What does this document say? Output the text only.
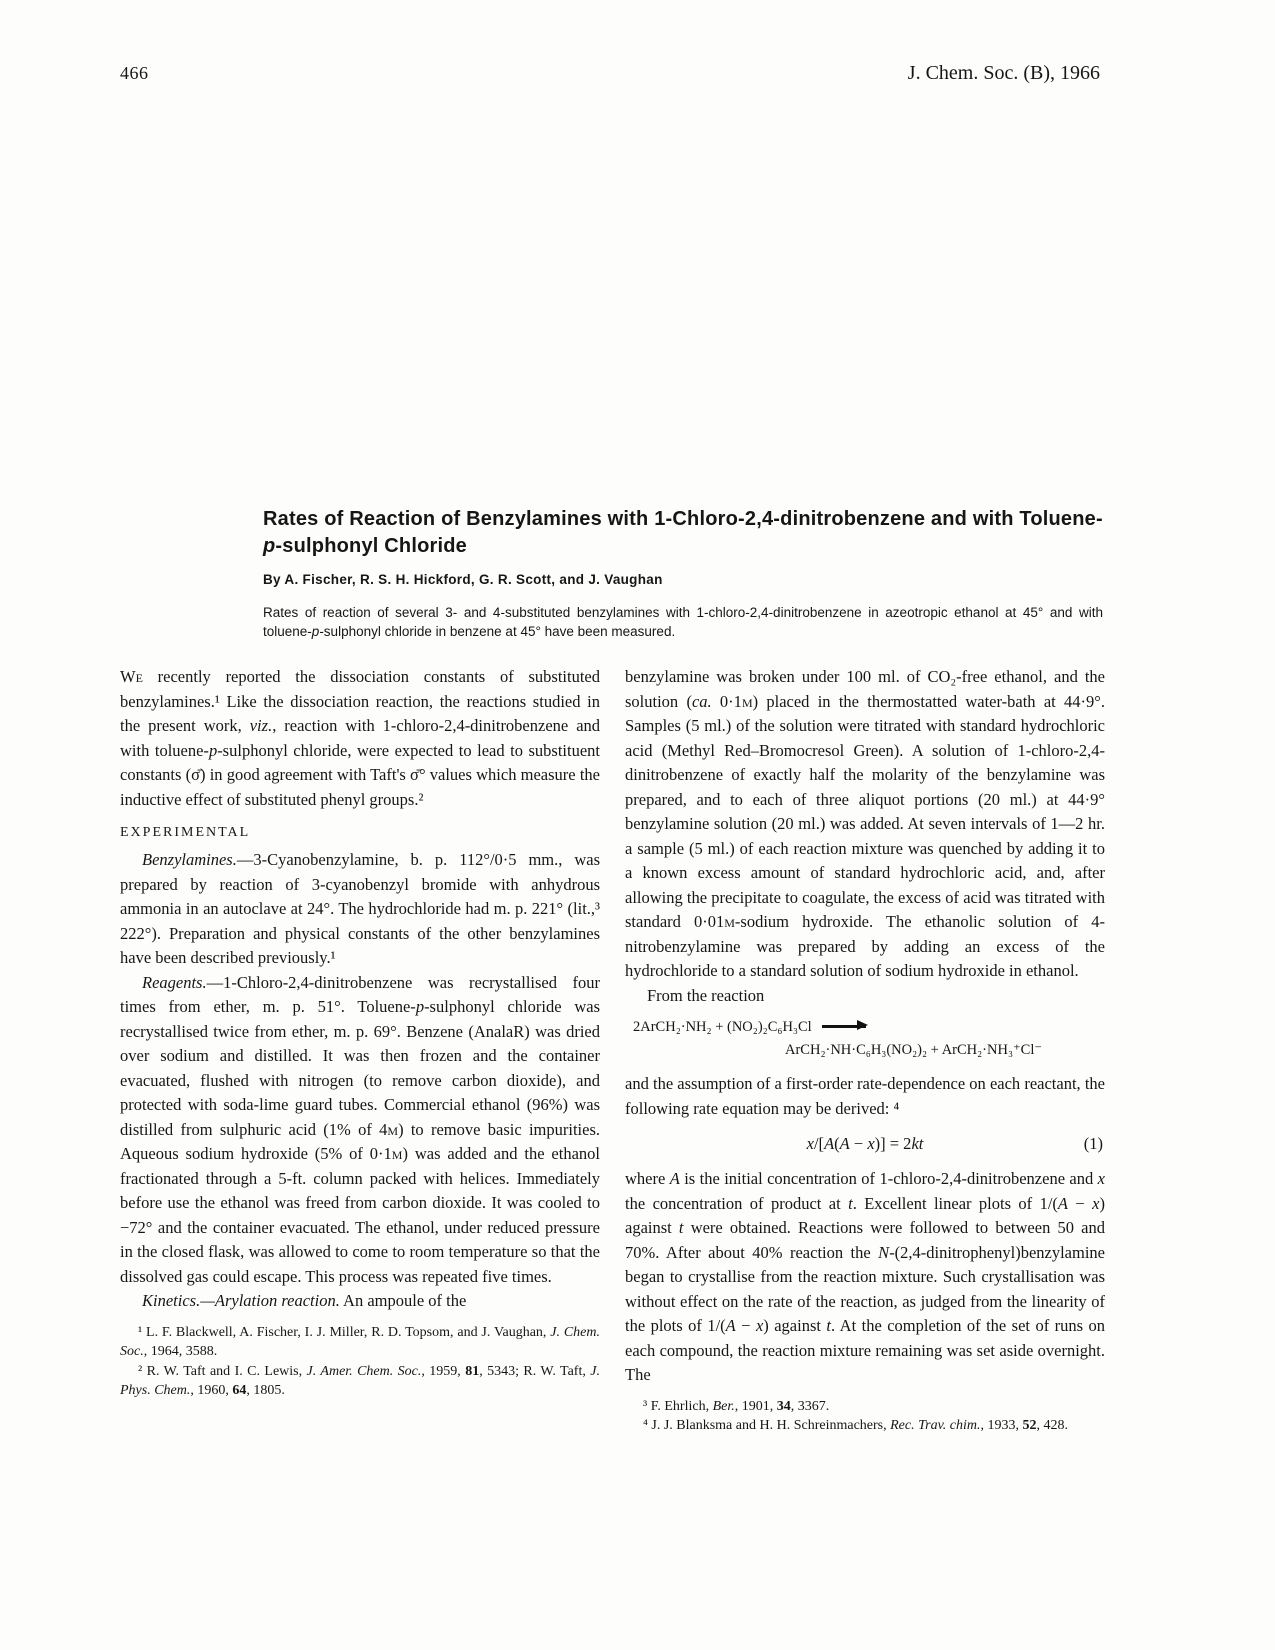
466	J. Chem. Soc. (B), 1966
Rates of Reaction of Benzylamines with 1-Chloro-2,4-dinitrobenzene and with Toluene-p-sulphonyl Chloride

By A. Fischer, R. S. H. Hickford, G. R. Scott, and J. Vaughan

Rates of reaction of several 3- and 4-substituted benzylamines with 1-chloro-2,4-dinitrobenzene in azeotropic ethanol at 45° and with toluene-p-sulphonyl chloride in benzene at 45° have been measured.

We recently reported the dissociation constants of substituted benzylamines.¹ Like the dissociation reaction, the reactions studied in the present work, viz., reaction with 1-chloro-2,4-dinitrobenzene and with toluene-p-sulphonyl chloride, were expected to lead to substituent constants (σ̄) in good agreement with Taft's σ̄° values which measure the inductive effect of substituted phenyl groups.²

EXPERIMENTAL

Benzylamines.—3-Cyanobenzylamine, b. p. 112°/0·5 mm., was prepared by reaction of 3-cyanobenzyl bromide with anhydrous ammonia in an autoclave at 24°. The hydrochloride had m. p. 221° (lit.,³ 222°). Preparation and physical constants of the other benzylamines have been described previously.¹

Reagents.—1-Chloro-2,4-dinitrobenzene was recrystallised four times from ether, m. p. 51°. Toluene-p-sulphonyl chloride was recrystallised twice from ether, m. p. 69°. Benzene (AnalaR) was dried over sodium and distilled. It was then frozen and the container evacuated, flushed with nitrogen (to remove carbon dioxide), and protected with soda-lime guard tubes. Commercial ethanol (96%) was distilled from sulphuric acid (1% of 4m) to remove basic impurities. Aqueous sodium hydroxide (5% of 0·1m) was added and the ethanol fractionated through a 5-ft. column packed with helices. Immediately before use the ethanol was freed from carbon dioxide. It was cooled to −72° and the container evacuated. The ethanol, under reduced pressure in the closed flask, was allowed to come to room temperature so that the dissolved gas could escape. This process was repeated five times.

Kinetics.—Arylation reaction. An ampoule of the

¹ L. F. Blackwell, A. Fischer, I. J. Miller, R. D. Topsom, and J. Vaughan, J. Chem. Soc., 1964, 3588.

² R. W. Taft and I. C. Lewis, J. Amer. Chem. Soc., 1959, 81, 5343; R. W. Taft, J. Phys. Chem., 1960, 64, 1805.

benzylamine was broken under 100 ml. of CO₂-free ethanol, and the solution (ca. 0·1m) placed in the thermostatted water-bath at 44·9°. Samples (5 ml.) of the solution were titrated with standard hydrochloric acid (Methyl Red–Bromocresol Green). A solution of 1-chloro-2,4-dinitrobenzene of exactly half the molarity of the benzylamine was prepared, and to each of three aliquot portions (20 ml.) at 44·9° benzylamine solution (20 ml.) was added. At seven intervals of 1—2 hr. a sample (5 ml.) of each reaction mixture was quenched by adding it to a known excess amount of standard hydrochloric acid, and, after allowing the precipitate to coagulate, the excess of acid was titrated with standard 0·01m-sodium hydroxide. The ethanolic solution of 4-nitrobenzylamine was prepared by adding an excess of the hydrochloride to a standard solution of sodium hydroxide in ethanol.

From the reaction

2ArCH₂·NH₂ + (NO₂)₂C₆H₃Cl →
ArCH₂·NH·C₆H₃(NO₂)₂ + ArCH₂·NH₃⁺Cl⁻

and the assumption of a first-order rate-dependence on each reactant, the following rate equation may be derived: ⁴

x/[A(A − x)] = 2kt	(1)

where A is the initial concentration of 1-chloro-2,4-dinitrobenzene and x the concentration of product at t. Excellent linear plots of 1/(A − x) against t were obtained. Reactions were followed to between 50 and 70%. After about 40% reaction the N-(2,4-dinitrophenyl)benzylamine began to crystallise from the reaction mixture. Such crystallisation was without effect on the rate of the reaction, as judged from the linearity of the plots of 1/(A − x) against t. At the completion of the set of runs on each compound, the reaction mixture remaining was set aside overnight. The

³ F. Ehrlich, Ber., 1901, 34, 3367.

⁴ J. J. Blanksma and H. H. Schreinmachers, Rec. Trav. chim., 1933, 52, 428.
